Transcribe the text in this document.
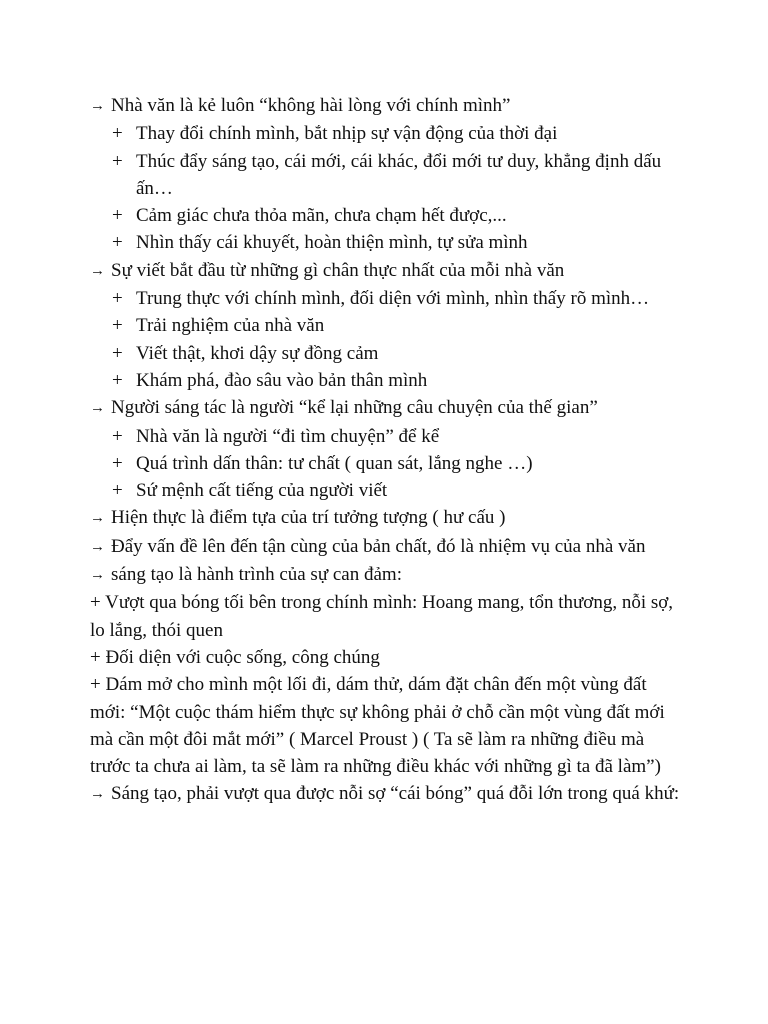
→ Nhà văn là kẻ luôn “không hài lòng với chính mình”
+ Thay đổi chính mình, bắt nhịp sự vận động của thời đại
+ Thúc đẩy sáng tạo, cái mới, cái khác, đổi mới tư duy, khẳng định dấu ấn…
+ Cảm giác chưa thỏa mãn, chưa chạm hết được,...
+ Nhìn thấy cái khuyết, hoàn thiện mình, tự sửa mình
→ Sự viết bắt đầu từ những gì chân thực nhất của mỗi nhà văn
+ Trung thực với chính mình, đối diện với mình, nhìn thấy rõ mình…
+ Trải nghiệm của nhà văn
+ Viết thật, khơi dậy sự đồng cảm
+ Khám phá, đào sâu vào bản thân mình
→ Người sáng tác là người “kể lại những câu chuyện của thế gian”
+ Nhà văn là người “đi tìm chuyện” để kể
+ Quá trình dấn thân: tư chất ( quan sát, lắng nghe …)
+ Sứ mệnh cất tiếng của người viết
→ Hiện thực là điểm tựa của trí tưởng tượng ( hư cấu )
→ Đẩy vấn đề lên đến tận cùng của bản chất, đó là nhiệm vụ của nhà văn
→ sáng tạo là hành trình của sự can đảm:
+ Vượt qua bóng tối bên trong chính mình: Hoang mang, tổn thương, nỗi sợ, lo lắng, thói quen
+ Đối diện với cuộc sống, công chúng
+ Dám mở cho mình một lối đi, dám thử, dám đặt chân đến một vùng đất mới: “Một cuộc thám hiểm thực sự không phải ở chỗ cần một vùng đất mới mà cần một đôi mắt mới” ( Marcel Proust ) ( Ta sẽ làm ra những điều mà trước ta chưa ai làm, ta sẽ làm ra những điều khác với những gì ta đã làm”)
→ Sáng tạo, phải vượt qua được nỗi sợ “cái bóng” quá đỗi lớn trong quá khứ:
